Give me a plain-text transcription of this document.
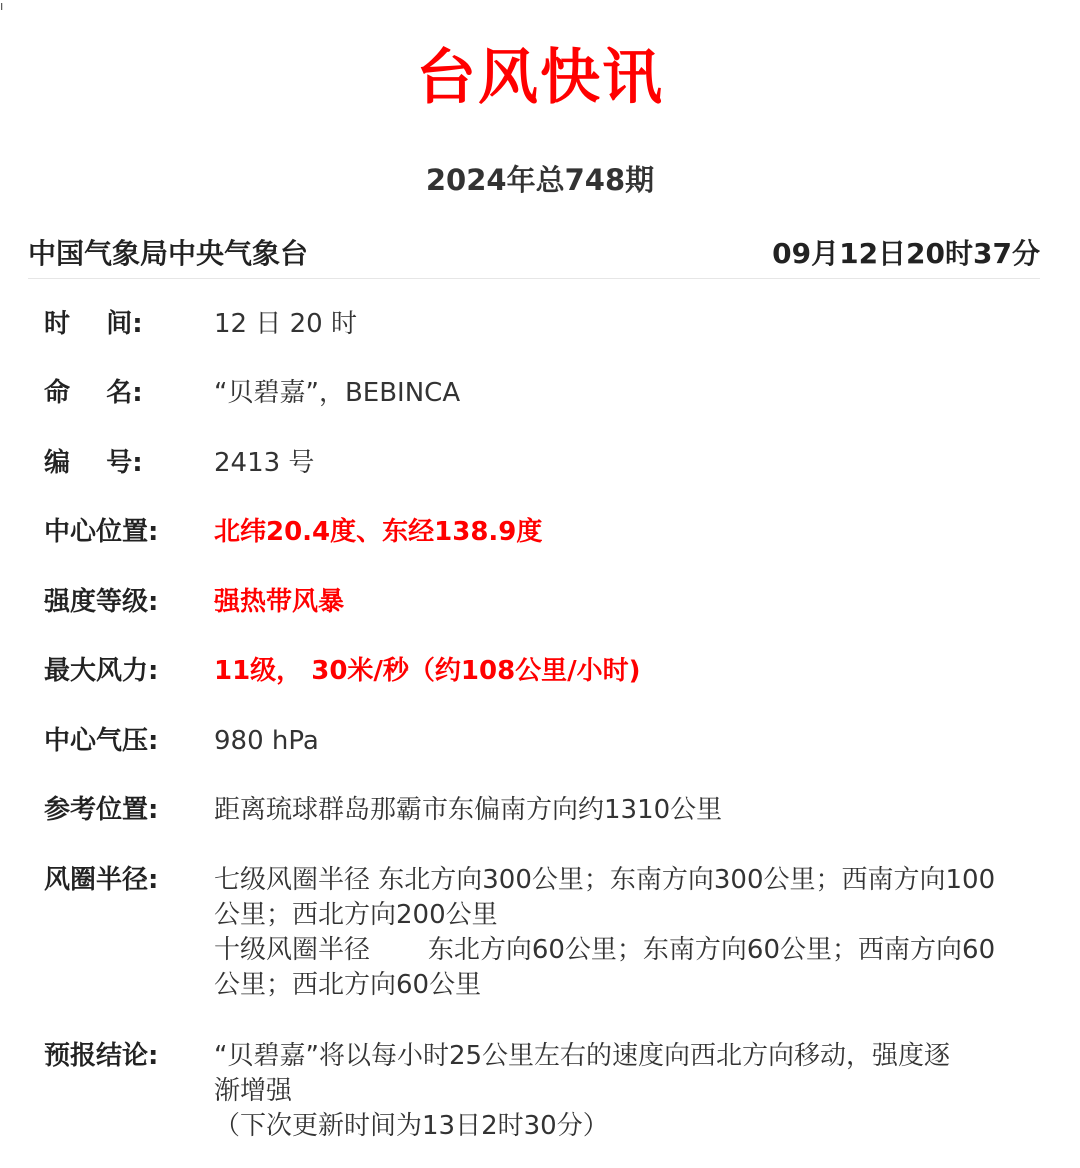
ı
台风快讯
2024年总748期
中国气象局中央气象台	09月12日20时37分
时    间:	12 日 20 时
命    名:	“贝碧嘉”，BEBINCA
编    号:	2413 号
中心位置:	北纬20.4度、东经138.9度
强度等级:	强热带风暴
最大风力:	11级， 30米/秒（约108公里/小时)
中心气压:	980 hPa
参考位置:	距离琉球群岛那霸市东偏南方向约1310公里
风圈半径:	七级风圈半径 东北方向300公里；东南方向300公里；西南方向100
公里；西北方向200公里
十级风圈半径       东北方向60公里；东南方向60公里；西南方向60
公里；西北方向60公里
预报结论:	“贝碧嘉”将以每小时25公里左右的速度向西北方向移动，强度逐
渐增强
（下次更新时间为13日2时30分）
